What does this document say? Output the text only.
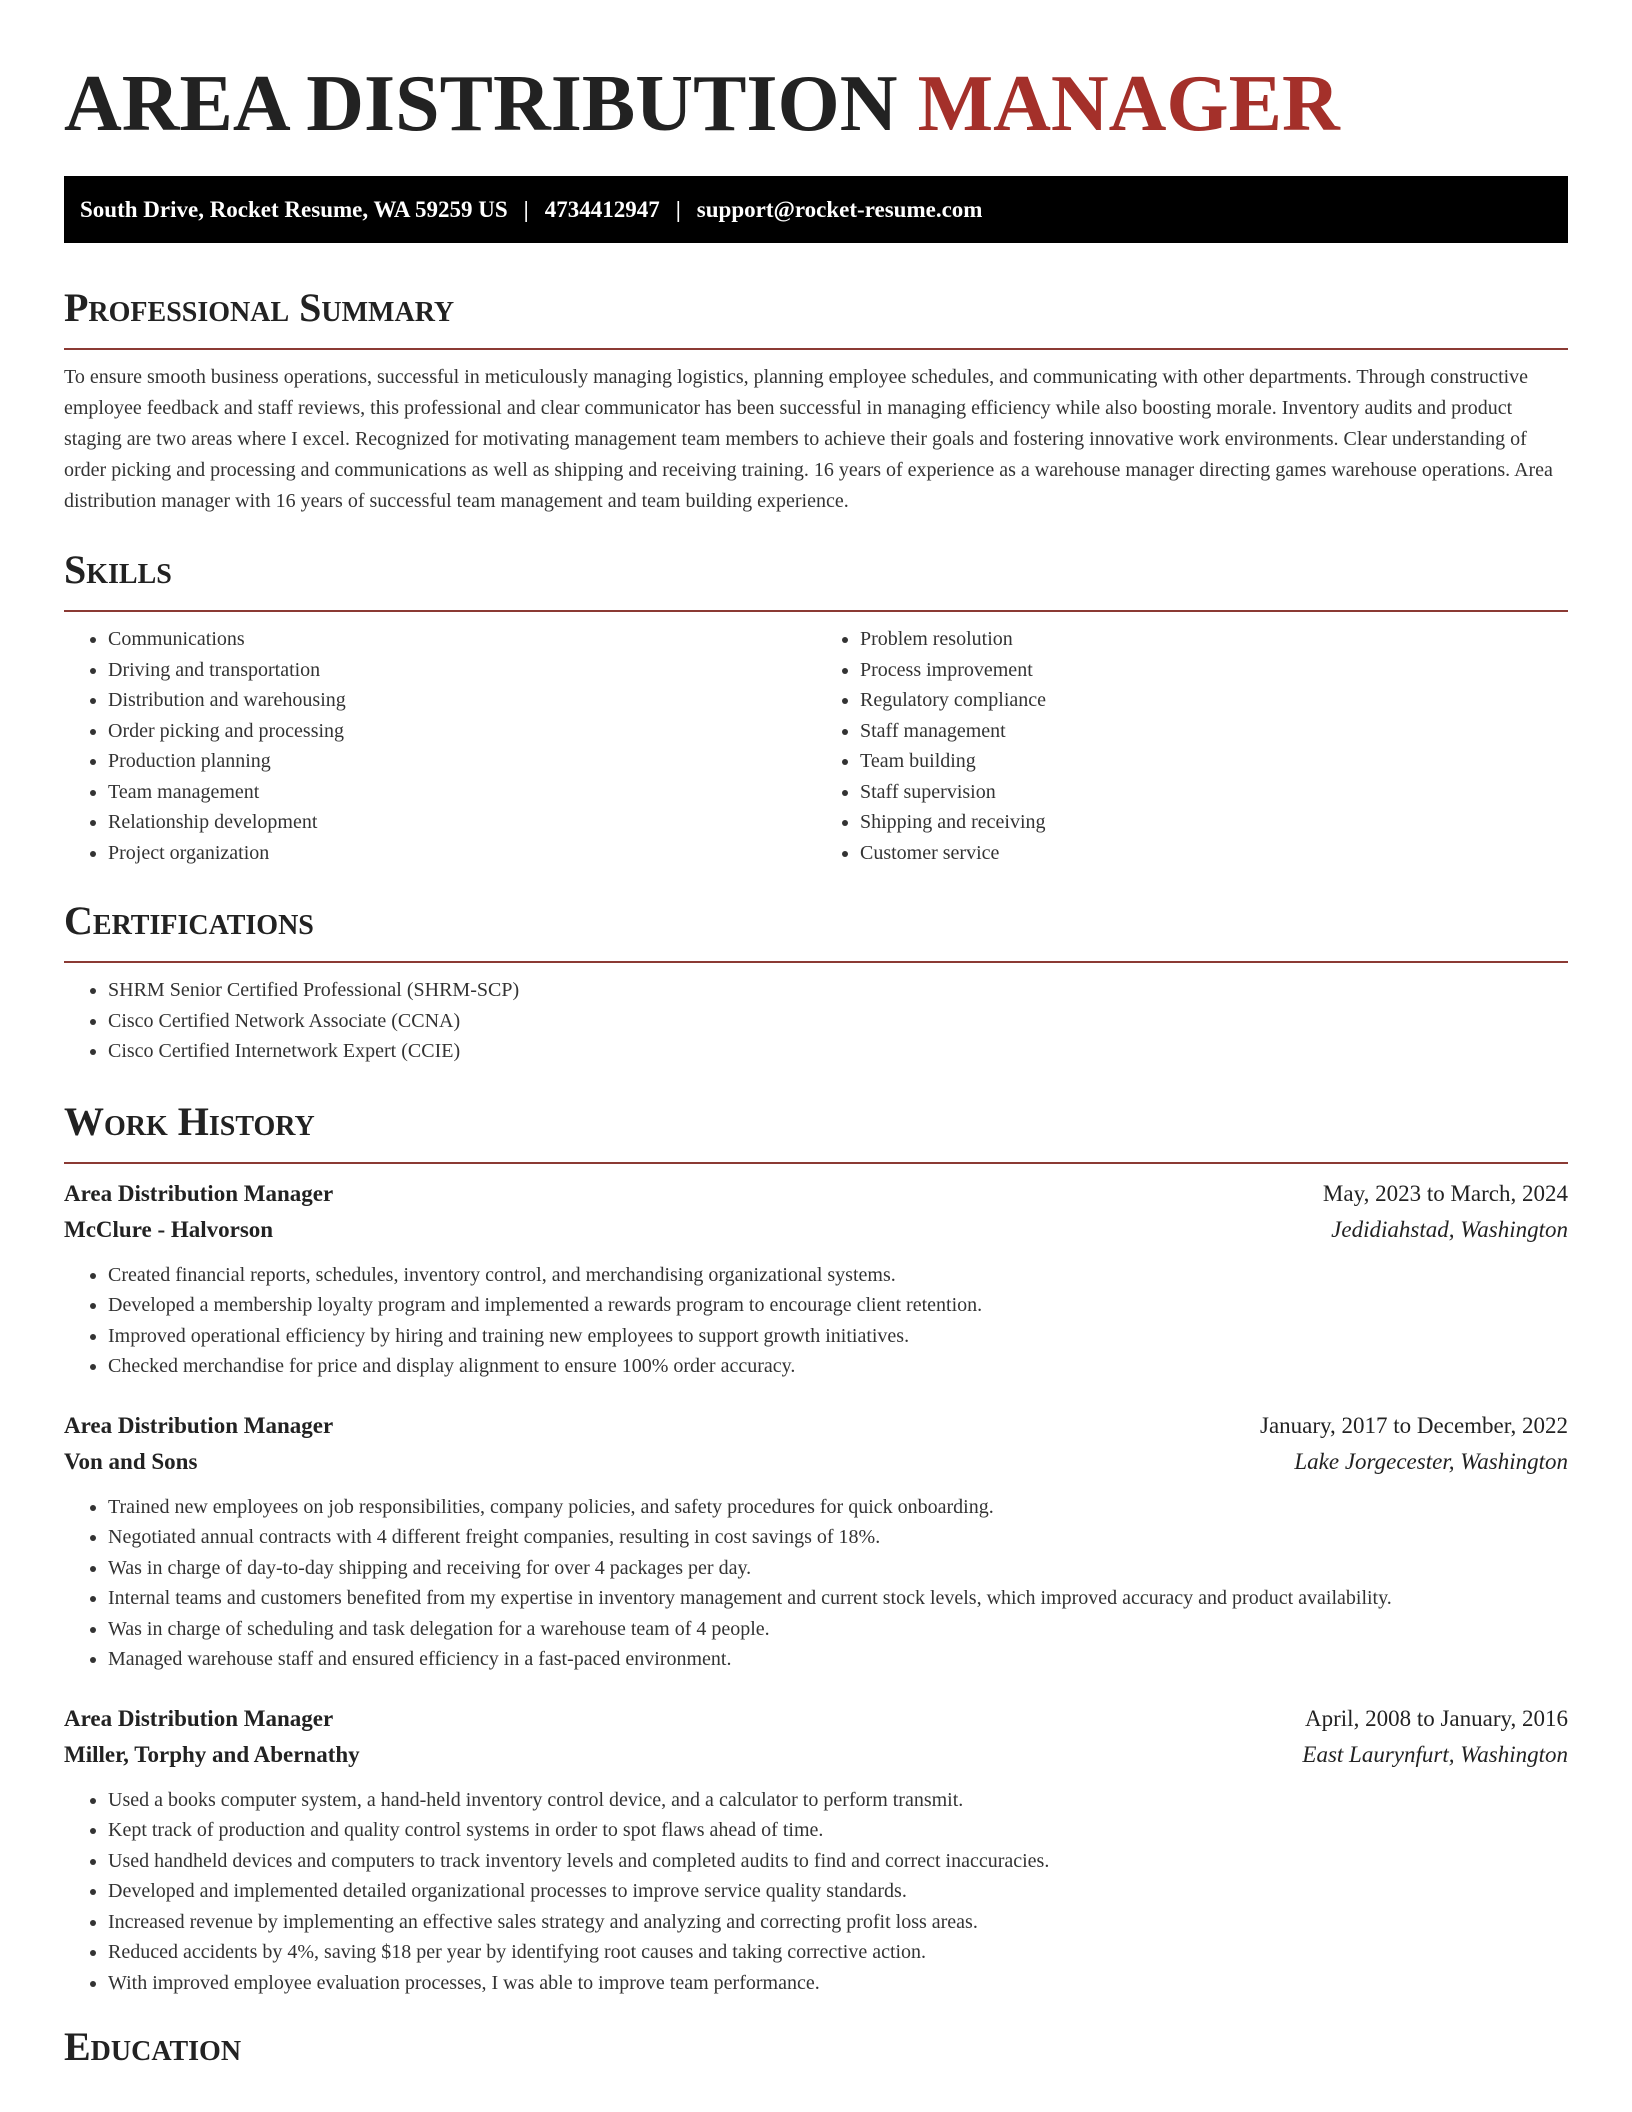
AREA DISTRIBUTION MANAGER
South Drive, Rocket Resume, WA 59259 US | 4734412947 | support@rocket-resume.com
Professional Summary

To ensure smooth business operations, successful in meticulously managing logistics, planning employee schedules, and communicating with other departments. Through constructive employee feedback and staff reviews, this professional and clear communicator has been successful in managing efficiency while also boosting morale. Inventory audits and product staging are two areas where I excel. Recognized for motivating management team members to achieve their goals and fostering innovative work environments. Clear understanding of order picking and processing and communications as well as shipping and receiving training. 16 years of experience as a warehouse manager directing games warehouse operations. Area distribution manager with 16 years of successful team management and team building experience.

Skills
• Communications
• Driving and transportation
• Distribution and warehousing
• Order picking and processing
• Production planning
• Team management
• Relationship development
• Project organization
• Problem resolution
• Process improvement
• Regulatory compliance
• Staff management
• Team building
• Staff supervision
• Shipping and receiving
• Customer service
Certifications
• SHRM Senior Certified Professional (SHRM-SCP)
• Cisco Certified Network Associate (CCNA)
• Cisco Certified Internetwork Expert (CCIE)
Work History
Area Distribution Manager	May, 2023 to March, 2024
McClure - Halvorson	Jedidiahstad, Washington
• Created financial reports, schedules, inventory control, and merchandising organizational systems.
• Developed a membership loyalty program and implemented a rewards program to encourage client retention.
• Improved operational efficiency by hiring and training new employees to support growth initiatives.
• Checked merchandise for price and display alignment to ensure 100% order accuracy.
Area Distribution Manager	January, 2017 to December, 2022
Von and Sons	Lake Jorgecester, Washington
• Trained new employees on job responsibilities, company policies, and safety procedures for quick onboarding.
• Negotiated annual contracts with 4 different freight companies, resulting in cost savings of 18%.
• Was in charge of day-to-day shipping and receiving for over 4 packages per day.
• Internal teams and customers benefited from my expertise in inventory management and current stock levels, which improved accuracy and product availability.
• Was in charge of scheduling and task delegation for a warehouse team of 4 people.
• Managed warehouse staff and ensured efficiency in a fast-paced environment.
Area Distribution Manager	April, 2008 to January, 2016
Miller, Torphy and Abernathy	East Laurynfurt, Washington
• Used a books computer system, a hand-held inventory control device, and a calculator to perform transmit.
• Kept track of production and quality control systems in order to spot flaws ahead of time.
• Used handheld devices and computers to track inventory levels and completed audits to find and correct inaccuracies.
• Developed and implemented detailed organizational processes to improve service quality standards.
• Increased revenue by implementing an effective sales strategy and analyzing and correcting profit loss areas.
• Reduced accidents by 4%, saving $18 per year by identifying root causes and taking corrective action.
• With improved employee evaluation processes, I was able to improve team performance.
Education
